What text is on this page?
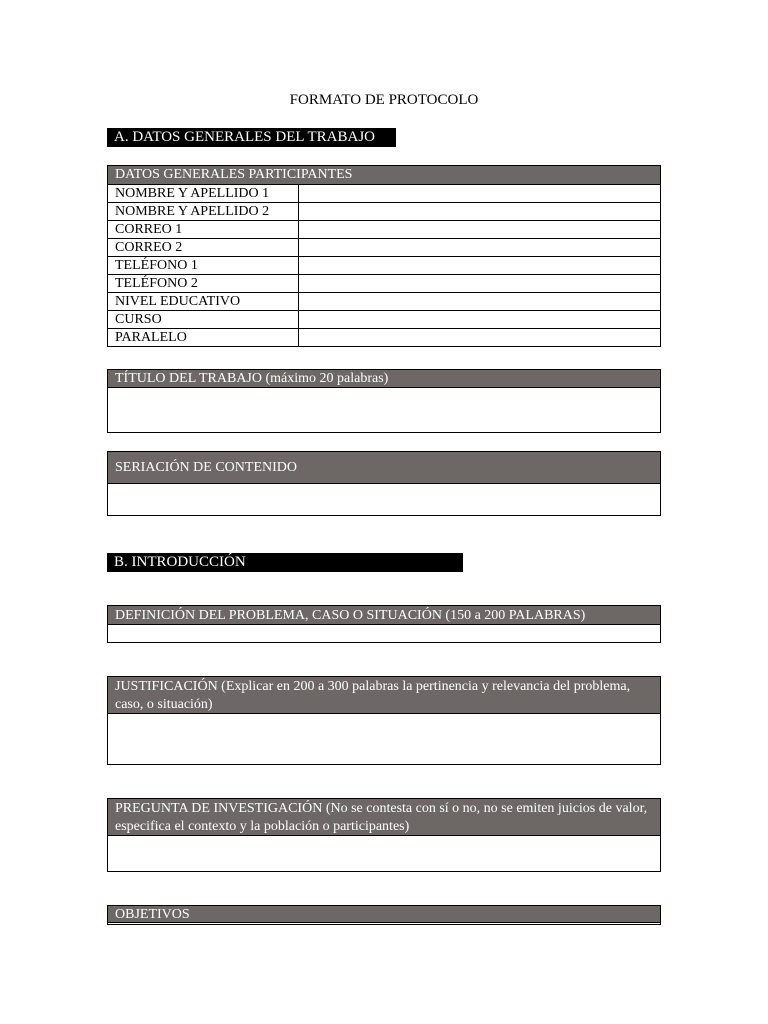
FORMATO DE PROTOCOLO
A. DATOS GENERALES DEL TRABAJO
DATOS GENERALES PARTICIPANTES
NOMBRE Y APELLIDO 1	
NOMBRE Y APELLIDO 2	
CORREO 1	
CORREO 2	
TELÉFONO 1	
TELÉFONO 2	
NIVEL EDUCATIVO	
CURSO	
PARALELO	
TÍTULO DEL TRABAJO (máximo 20 palabras)
SERIACIÓN DE CONTENIDO
B. INTRODUCCIÓN
DEFINICIÓN DEL PROBLEMA, CASO O SITUACIÓN (150 a 200 PALABRAS)
JUSTIFICACIÓN (Explicar en 200 a 300 palabras la pertinencia y relevancia del problema, caso, o situación)
PREGUNTA DE INVESTIGACIÓN (No se contesta con sí o no, no se emiten juicios de valor, especifica el contexto y la población o participantes)
OBJETIVOS
